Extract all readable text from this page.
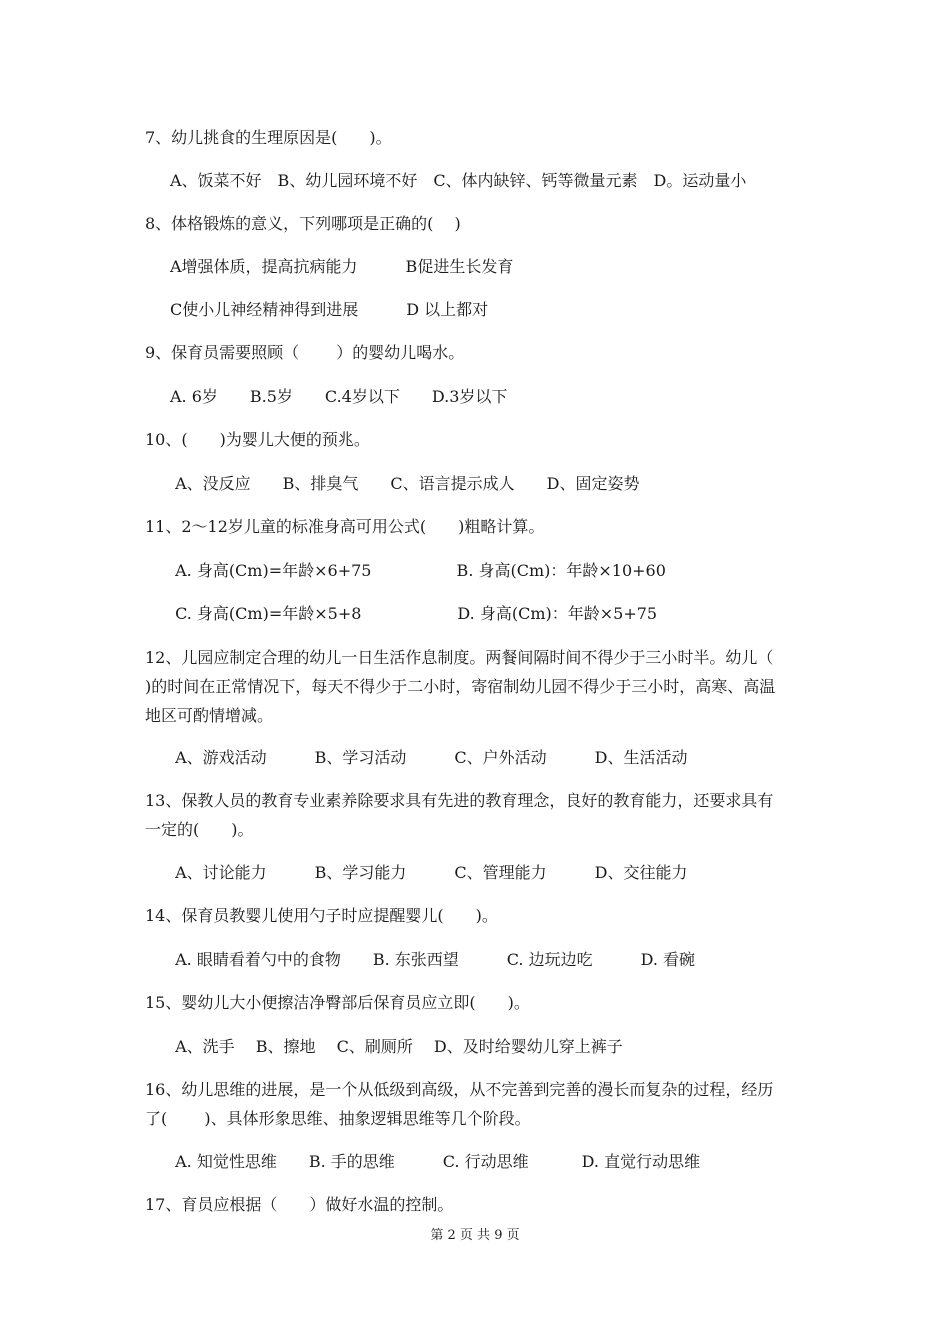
7、幼儿挑食的生理原因是(　　)。
A、饭菜不好　B、幼儿园环境不好　C、体内缺锌、钙等微量元素　D。运动量小
8、体格锻炼的意义，下列哪项是正确的(　 )
A增强体质，提高抗病能力　　　B促进生长发育
C使小儿神经精神得到进展　　　D 以上都对
9、保育员需要照顾（　　 ）的婴幼儿喝水。
A. 6岁　　B.5岁　　C.4岁以下　　D.3岁以下
10、(　　)为婴儿大便的预兆。
A、没反应　　B、排臭气　　C、语言提示成人　　D、固定姿势
11、2～12岁儿童的标准身高可用公式(　　)粗略计算。
A. 身高(Cm)=年龄×6+75　　　　　 B. 身高(Cm)：年龄×10+60
C. 身高(Cm)=年龄×5+8　　　　　　D. 身高(Cm)：年龄×5+75
12、儿园应制定合理的幼儿一日生活作息制度。两餐间隔时间不得少于三小时半。幼儿（
)的时间在正常情况下，每天不得少于二小时，寄宿制幼儿园不得少于三小时，高寒、高温
地区可酌情增减。
A、游戏活动　　　B、学习活动　　　C、户外活动　　　D、生活活动
13、保教人员的教育专业素养除要求具有先进的教育理念，良好的教育能力，还要求具有
一定的(　　)。
A、讨论能力　　　B、学习能力　　　C、管理能力　　　D、交往能力
14、保育员教婴儿使用勺子时应提醒婴儿(　　)。
A. 眼睛看着勺中的食物　　B. 东张西望　　　C. 边玩边吃　　　D. 看碗
15、婴幼儿大小便擦洁净臀部后保育员应立即(　　)。
A、洗手　 B、擦地　 C、刷厕所　 D、及时给婴幼儿穿上裤子
16、幼儿思维的进展，是一个从低级到高级，从不完善到完善的漫长而复杂的过程，经历
了(　　 )、具体形象思维、抽象逻辑思维等几个阶段。
A. 知觉性思维　　B. 手的思维　　　C. 行动思维　　　 D. 直觉行动思维
17、育员应根据（　　）做好水温的控制。
第 2 页 共 9 页
